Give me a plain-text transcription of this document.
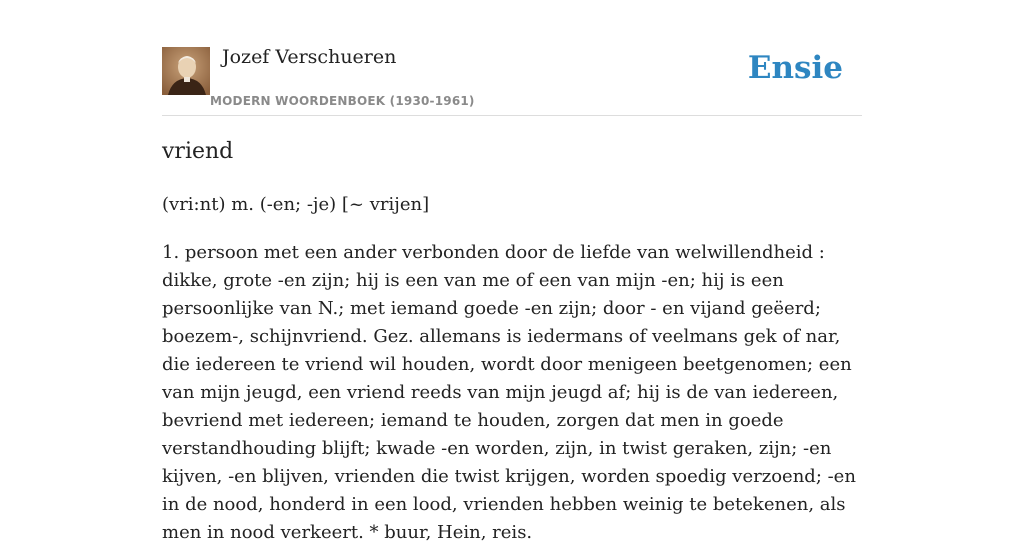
Jozef Verschueren
MODERN WOORDENBOEK (1930-1961)
Ensie
vriend
(vri:nt) m. (-en; -je) [~ vrijen]

1. persoon met een ander verbonden door de liefde van welwillendheid : dikke, grote -en zijn; hij is een van me of een van mijn -en; hij is een persoonlijke van N.; met iemand goede -en zijn; door - en vijand geëerd; boezem-, schijnvriend. Gez. allemans is iedermans of veelmans gek of nar, die iedereen te vriend wil houden, wordt door menigeen beetgenomen; een van mijn jeugd, een vriend reeds van mijn jeugd af; hij is de van iedereen, bevriend met iedereen; iemand te houden, zorgen dat men in goede verstandhouding blijft; kwade -en worden, zijn, in twist geraken, zijn; -en kijven, -en blijven, vrienden die twist krijgen, worden spoedig verzoend; -en in de nood, honderd in een lood, vrienden hebben weinig te betekenen, als men in nood verkeert. * buur, Hein, reis.
